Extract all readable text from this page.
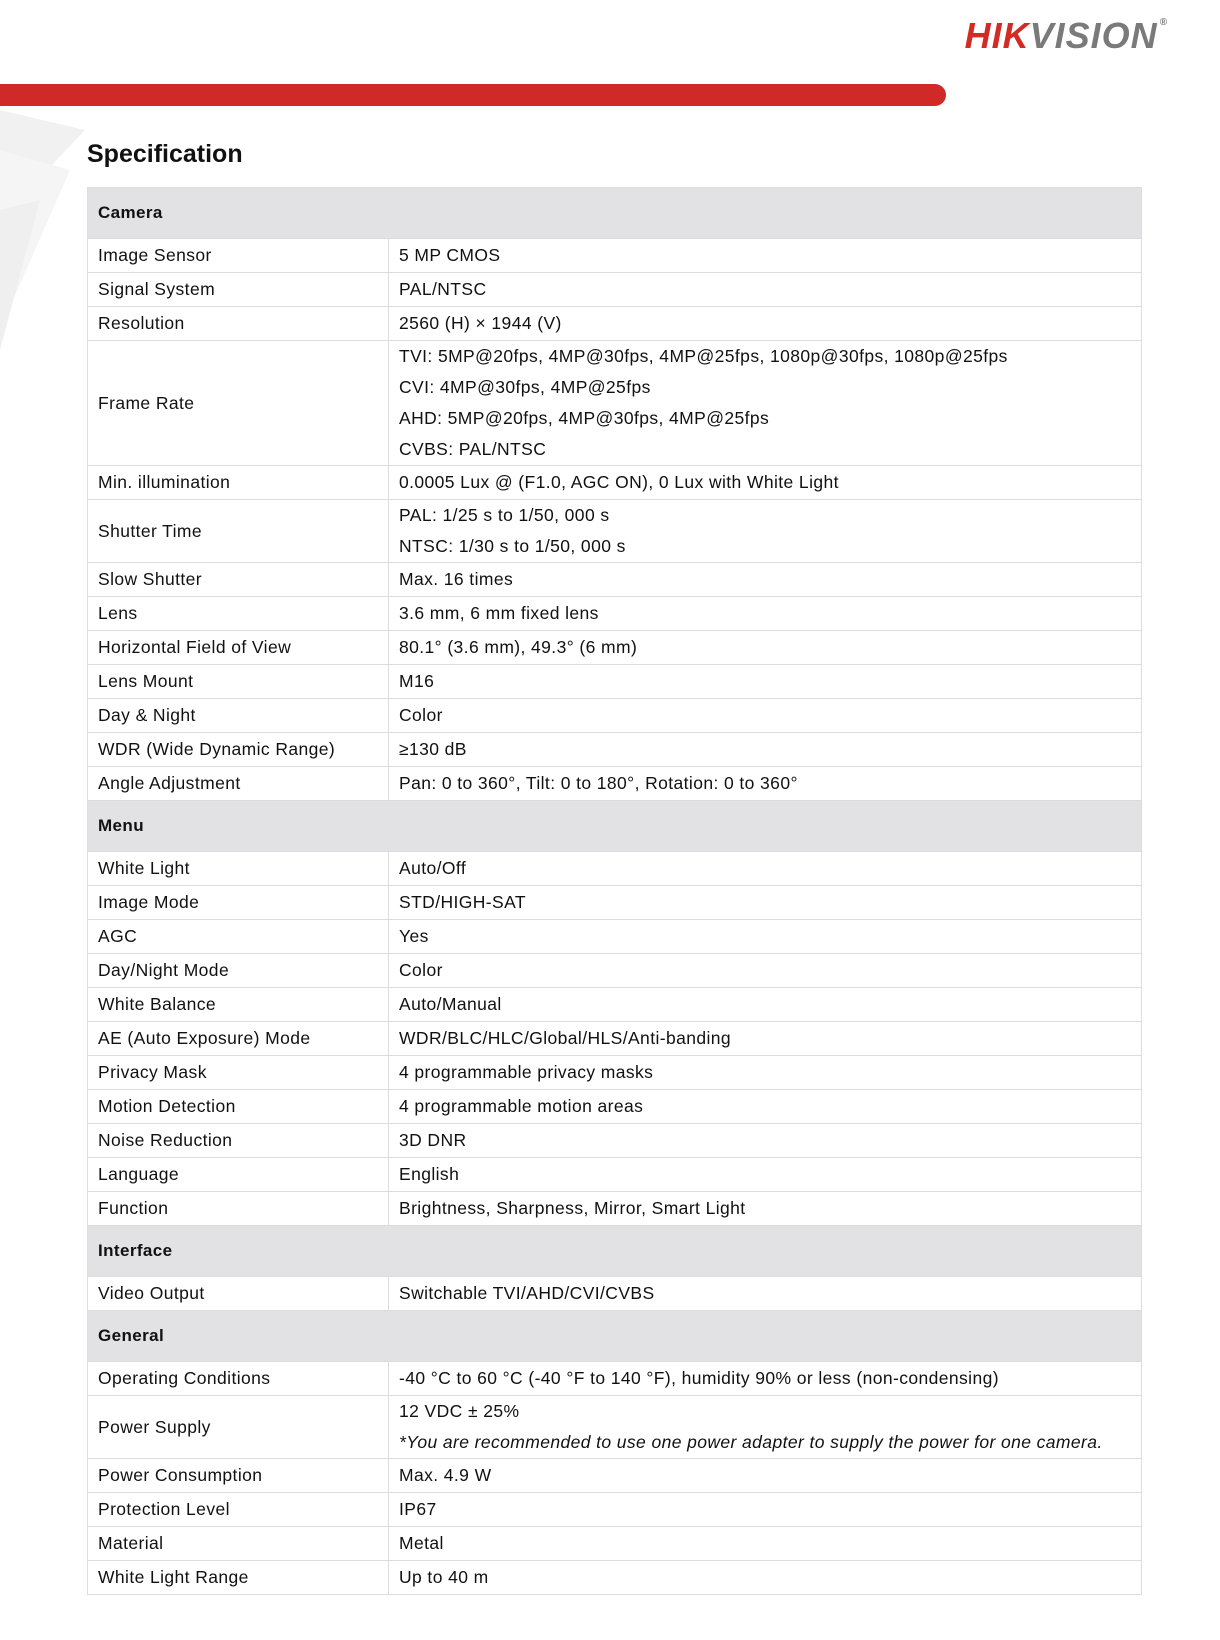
HIKVISION ®
Specification
Camera	
Image Sensor	5 MP CMOS
Signal System	PAL/NTSC
Resolution	2560 (H) × 1944 (V)
Frame Rate	TVI: 5MP@20fps, 4MP@30fps, 4MP@25fps, 1080p@30fps, 1080p@25fps
CVI: 4MP@30fps, 4MP@25fps
AHD: 5MP@20fps, 4MP@30fps, 4MP@25fps
CVBS: PAL/NTSC

Min. illumination	0.0005 Lux @ (F1.0, AGC ON), 0 Lux with White Light
Shutter Time	PAL: 1/25 s to 1/50, 000 s
NTSC: 1/30 s to 1/50, 000 s

Slow Shutter	Max. 16 times
Lens	3.6 mm, 6 mm fixed lens
Horizontal Field of View	80.1° (3.6 mm), 49.3° (6 mm)
Lens Mount	M16
Day & Night	Color
WDR (Wide Dynamic Range)	≥130 dB
Angle Adjustment	Pan: 0 to 360°, Tilt: 0 to 180°, Rotation: 0 to 360°
Menu	
White Light	Auto/Off
Image Mode	STD/HIGH-SAT
AGC	Yes
Day/Night Mode	Color
White Balance	Auto/Manual
AE (Auto Exposure) Mode	WDR/BLC/HLC/Global/HLS/Anti-banding
Privacy Mask	4 programmable privacy masks
Motion Detection	4 programmable motion areas
Noise Reduction	3D DNR
Language	English
Function	Brightness, Sharpness, Mirror, Smart Light
Interface	
Video Output	Switchable TVI/AHD/CVI/CVBS
General	
Operating Conditions	-40 °C to 60 °C (-40 °F to 140 °F), humidity 90% or less (non-condensing)
Power Supply	12 VDC ± 25%
*You are recommended to use one power adapter to supply the power for one camera.

Power Consumption	Max. 4.9 W
Protection Level	IP67
Material	Metal
White Light Range	Up to 40 m
